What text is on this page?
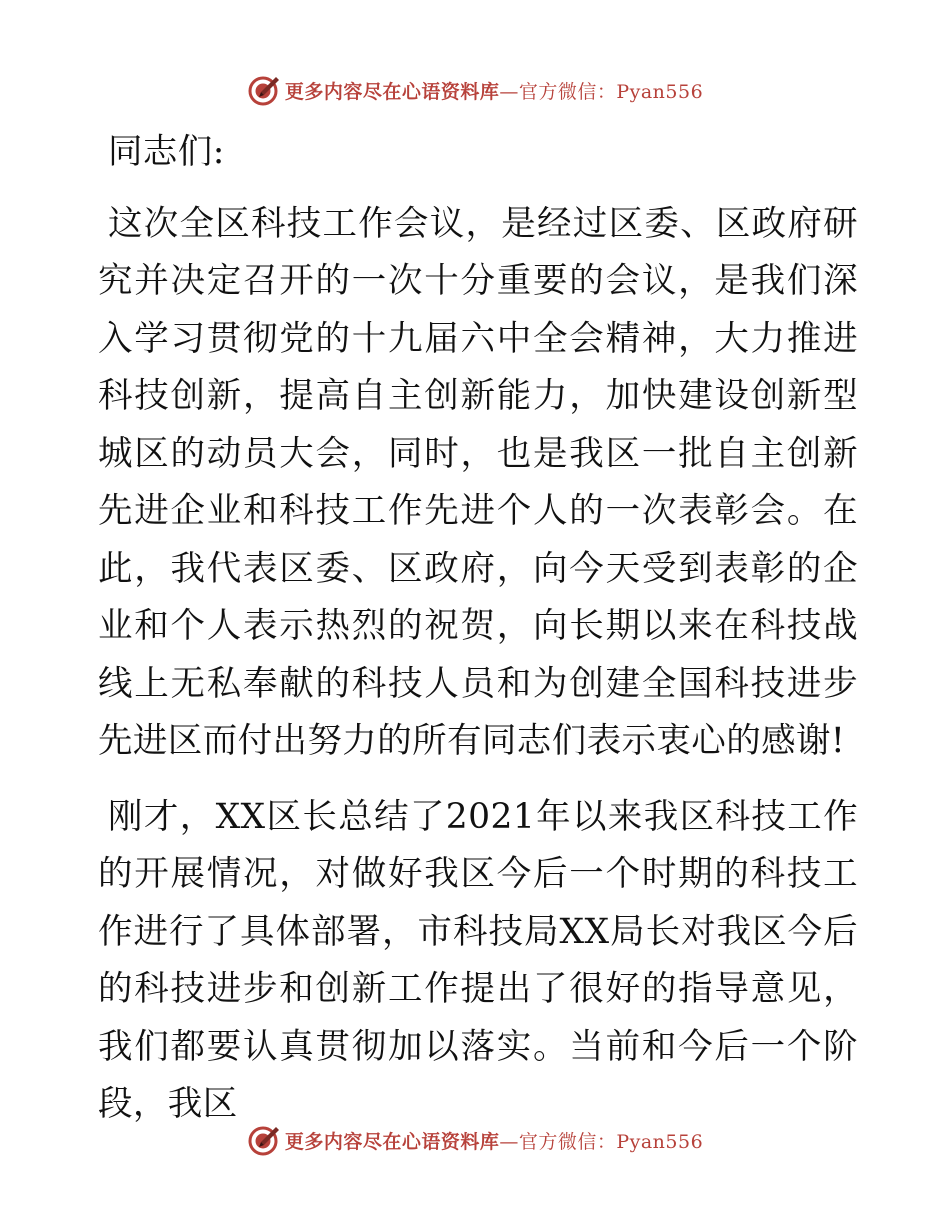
更多内容尽在心语资料库—官方微信：Pyan556

同志们:

这次全区科技工作会议，是经过区委、区政府研究并决定召开的一次十分重要的会议，是我们深入学习贯彻党的十九届六中全会精神，大力推进科技创新，提高自主创新能力，加快建设创新型城区的动员大会，同时，也是我区一批自主创新先进企业和科技工作先进个人的一次表彰会。在此，我代表区委、区政府，向今天受到表彰的企业和个人表示热烈的祝贺，向长期以来在科技战线上无私奉献的科技人员和为创建全国科技进步先进区而付出努力的所有同志们表示衷心的感谢!

刚才，XX区长总结了2021年以来我区科技工作的开展情况，对做好我区今后一个时期的科技工作进行了具体部署，市科技局XX局长对我区今后的科技进步和创新工作提出了很好的指导意见，我们都要认真贯彻加以落实。当前和今后一个阶段，我区

更多内容尽在心语资料库—官方微信：Pyan556
